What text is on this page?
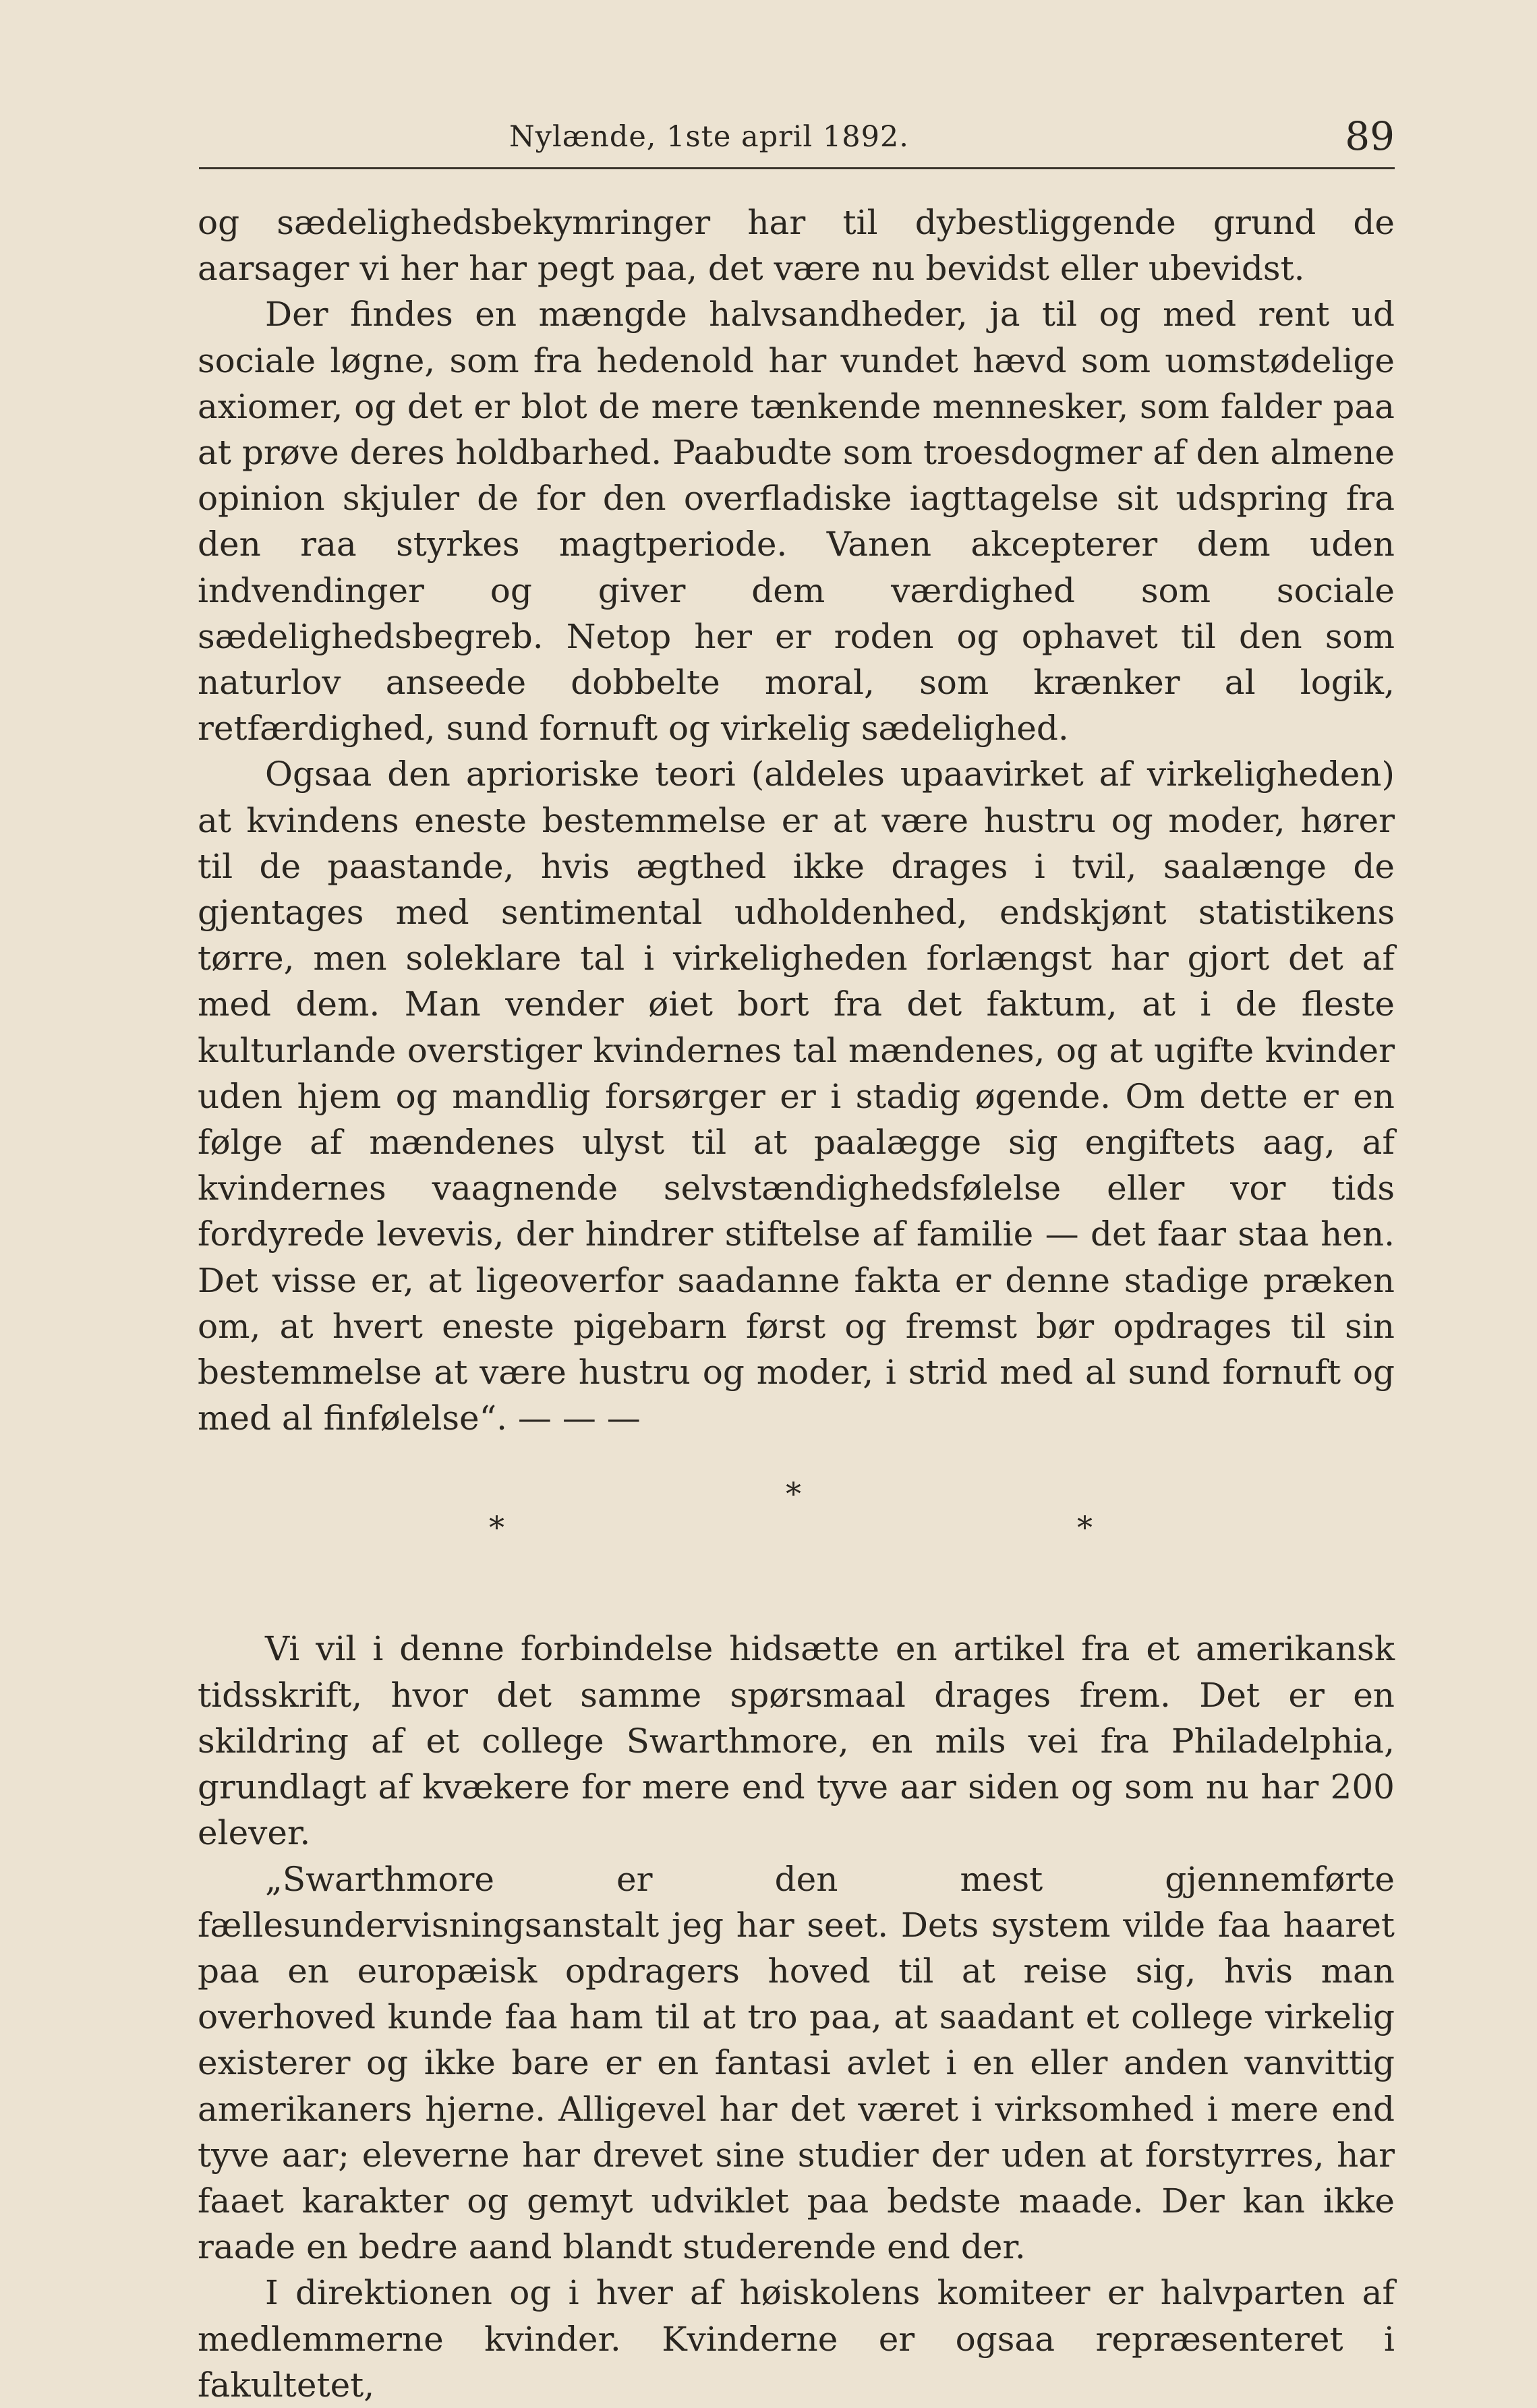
Nylænde, 1ste april 1892.	89

og sædelighedsbekymringer har til dybestliggende grund de aarsager vi her har pegt paa, det være nu bevidst eller ubevidst.

Der findes en mængde halvsandheder, ja til og med rent ud sociale løgne, som fra hedenold har vundet hævd som uomstødelige axiomer, og det er blot de mere tænkende mennesker, som falder paa at prøve deres holdbarhed. Paabudte som troesdogmer af den almene opinion skjuler de for den overfladiske iagttagelse sit udspring fra den raa styrkes magtperiode. Vanen akcepterer dem uden indvendinger og giver dem værdighed som sociale sædelighedsbegreb. Netop her er roden og ophavet til den som naturlov anseede dobbelte moral, som krænker al logik, retfærdighed, sund fornuft og virkelig sædelighed.

Ogsaa den aprioriske teori (aldeles upaavirket af virkeligheden) at kvindens eneste bestemmelse er at være hustru og moder, hører til de paastande, hvis ægthed ikke drages i tvil, saalænge de gjentages med sentimental udholdenhed, endskjønt statistikens tørre, men soleklare tal i virkeligheden forlængst har gjort det af med dem. Man vender øiet bort fra det faktum, at i de fleste kulturlande overstiger kvindernes tal mændenes, og at ugifte kvinder uden hjem og mandlig forsørger er i stadig øgende. Om dette er en følge af mændenes ulyst til at paalægge sig engiftets aag, af kvindernes vaagnende selvstændighedsfølelse eller vor tids fordyrede levevis, der hindrer stiftelse af familie — det faar staa hen. Det visse er, at ligeoverfor saadanne fakta er denne stadige præken om, at hvert eneste pigebarn først og fremst bør opdrages til sin bestemmelse at være hustru og moder, i strid med al sund fornuft og med al finfølelse“. — — —

*
*	*

Vi vil i denne forbindelse hidsætte en artikel fra et amerikansk tidsskrift, hvor det samme spørsmaal drages frem. Det er en skildring af et college Swarthmore, en mils vei fra Philadelphia, grundlagt af kvækere for mere end tyve aar siden og som nu har 200 elever.

„Swarthmore er den mest gjennemførte fællesundervisningsanstalt jeg har seet. Dets system vilde faa haaret paa en europæisk opdragers hoved til at reise sig, hvis man overhoved kunde faa ham til at tro paa, at saadant et college virkelig existerer og ikke bare er en fantasi avlet i en eller anden vanvittig amerikaners hjerne. Alligevel har det været i virksomhed i mere end tyve aar; eleverne har drevet sine studier der uden at forstyrres, har faaet karakter og gemyt udviklet paa bedste maade. Der kan ikke raade en bedre aand blandt studerende end der.

I direktionen og i hver af høiskolens komiteer er halvparten af medlemmerne kvinder. Kvinderne er ogsaa repræsenteret i fakultetet,
